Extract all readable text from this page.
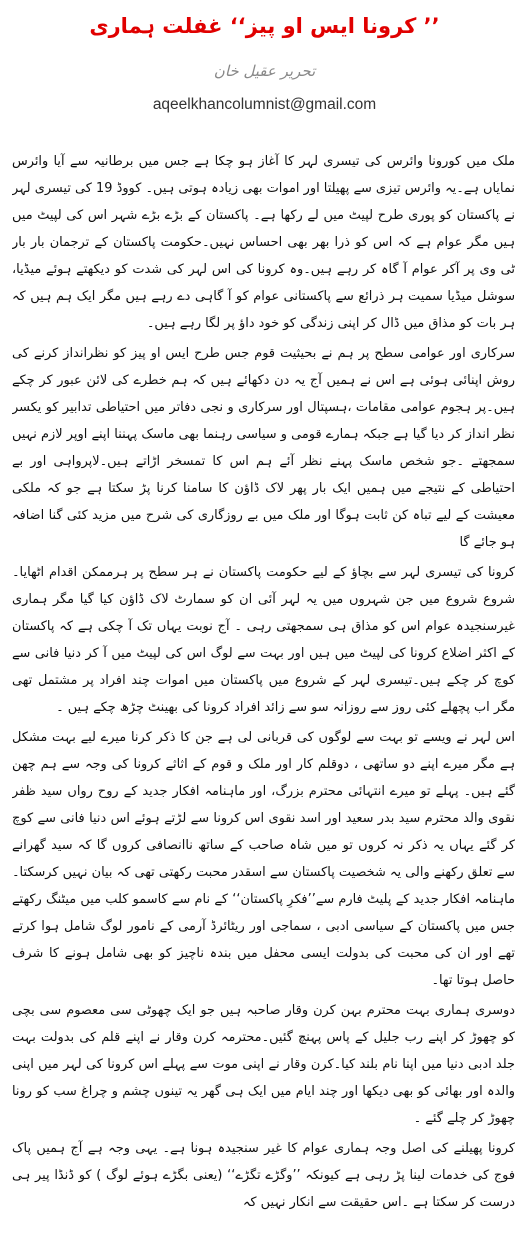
’’ کرونا ایس او پیز‘‘ غفلت ہماری
تحریر عقیل خان
aqeelkhancolumnist@gmail.com

ملک میں کورونا وائرس کی تیسری لہر کا آغاز ہو چکا ہے جس میں برطانیہ سے آیا وائرس نمایاں ہے۔یہ وائرس تیزی سے پھیلتا اور اموات بھی زیادہ ہوتی ہیں۔ کووڈ 19 کی تیسری لہر نے پاکستان کو پوری طرح لپیٹ میں لے رکھا ہے۔ پاکستان کے بڑے بڑے شہر اس کی لپیٹ میں ہیں مگر عوام ہے کہ اس کو ذرا بھر بھی احساس نہیں۔حکومت پاکستان کے ترجمان بار بار ٹی وی پر آکر عوام آ گاہ کر رہے ہیں۔وہ کرونا کی اس لہر کی شدت کو دیکھتے ہوئے میڈیا، سوشل میڈیا سمیت ہر ذرائع سے پاکستانی عوام کو آ گاہی دے رہے ہیں مگر ایک ہم ہیں کہ ہر بات کو مذاق میں ڈال کر اپنی زندگی کو خود داؤ پر لگا رہے ہیں۔

سرکاری اور عوامی سطح پر ہم نے بحیثیت قوم جس طرح ایس او پیز کو نظرانداز کرنے کی روش اپنائی ہوئی ہے اس نے ہمیں آج یہ دن دکھائے ہیں کہ ہم خطرے کی لائن عبور کر چکے ہیں۔پر ہجوم عوامی مقامات ،ہسپتال اور سرکاری و نجی دفاتر میں احتیاطی تدابیر کو یکسر نظر انداز کر دیا گیا ہے جبکہ ہمارے قومی و سیاسی رہنما بھی ماسک پہننا اپنے اوپر لازم نہیں سمجھتے ۔جو شخص ماسک پہنے نظر آئے ہم اس کا تمسخر اڑاتے ہیں۔لاپرواہی اور بے احتیاطی کے نتیجے میں ہمیں ایک بار پھر لاک ڈاؤن کا سامنا کرنا پڑ سکتا ہے جو کہ ملکی معیشت کے لیے تباہ کن ثابت ہوگا اور ملک میں بے روزگاری کی شرح میں مزید کئی گنا اضافہ ہو جائے گا

کرونا کی تیسری لہر سے بچاؤ کے لیے حکومت پاکستان نے ہر سطح پر ہرممکن اقدام اٹھایا۔شروع شروع میں جن شہروں میں یہ لہر آئی ان کو سمارٹ لاک ڈاؤن کیا گیا مگر ہماری غیرسنجیدہ عوام اس کو مذاق ہی سمجھتی رہی ۔ آج نوبت یہاں تک آ چکی ہے کہ پاکستان کے اکثر اضلاع کرونا کی لپیٹ میں ہیں اور بہت سے لوگ اس کی لپیٹ میں آ کر دنیا فانی سے کوچ کر چکے ہیں۔تیسری لہر کے شروع میں پاکستان میں اموات چند افراد پر مشتمل تھی مگر اب پچھلے کئی روز سے روزانہ سو سے زائد افراد کرونا کی بھینٹ چڑھ چکے ہیں ۔

اس لہر نے ویسے تو بہت سے لوگوں کی قربانی لی ہے جن کا ذکر کرنا میرے لیے بہت مشکل ہے مگر میرے اپنے دو ساتھی ، دوقلم کار اور ملک و قوم کے اثاثے کرونا کی وجہ سے ہم چھن گئے ہیں۔ پہلے تو میرے انتہائی محترم بزرگ، اور ماہنامہ افکار جدید کے روح رواں سید ظفر نقوی والد محترم سید بدر سعید اور اسد نقوی اس کرونا سے لڑتے ہوئے اس دنیا فانی سے کوچ کر گئے یہاں یہ ذکر نہ کروں تو میں شاہ صاحب کے ساتھ ناانصافی کروں گا کہ سید گھرانے سے تعلق رکھنے والی یہ شخصیت پاکستان سے اسقدر محبت رکھتی تھی کہ بیان نہیں کرسکتا۔ماہنامہ افکار جدید کے پلیٹ فارم سے’’فکرِ پاکستان‘‘ کے نام سے کاسمو کلب میں میٹنگ رکھتے جس میں پاکستان کے سیاسی ادبی ، سماجی اور ریٹائرڈ آرمی کے نامور لوگ شامل ہوا کرتے تھے اور ان کی محبت کی بدولت ایسی محفل میں بندہ ناچیز کو بھی شامل ہونے کا شرف حاصل ہوتا تھا۔

دوسری ہماری بہت محترم بہن کرن وقار صاحبہ ہیں جو ایک چھوٹی سی معصوم سی بچی کو چھوڑ کر اپنے رب جلیل کے پاس پہنچ گئیں۔محترمہ کرن وقار نے اپنے قلم کی بدولت بہت جلد ادبی دنیا میں اپنا نام بلند کیا۔کرن وقار نے اپنی موت سے پہلے اس کرونا کی لہر میں اپنی والدہ اور بھائی کو بھی دیکھا اور چند ایام میں ایک ہی گھر یہ تینوں چشم و چراغ سب کو رونا چھوڑ کر چلے گئے ۔

کرونا پھیلنے کی اصل وجہ ہماری عوام کا غیر سنجیدہ ہونا ہے۔ یہی وجہ ہے آج ہمیں پاک فوج کی خدمات لینا پڑ رہی ہے کیونکہ ’’وگڑے تگڑے‘‘ (یعنی بگڑے ہوئے لوگ ) کو ڈنڈا پیر ہی درست کر سکتا ہے ۔اس حقیقت سے انکار نہیں کہ
